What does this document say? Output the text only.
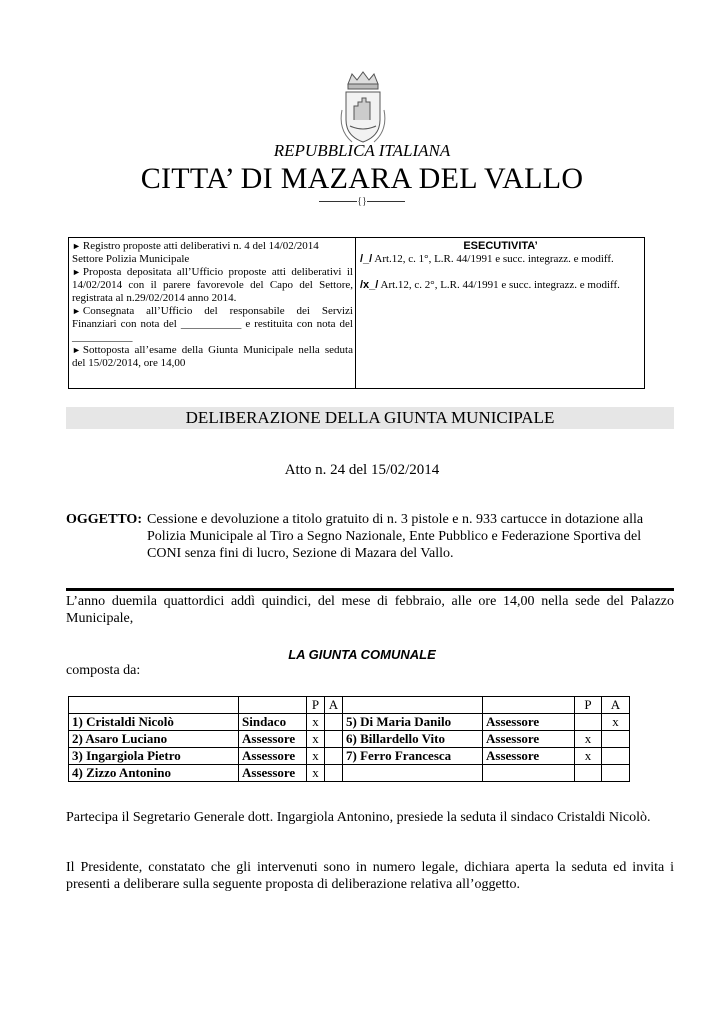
REPUBBLICA ITALIANA
CITTA’ DI MAZARA DEL VALLO
{}
► Registro proposte atti deliberativi n. 4 del 14/02/2014
Settore Polizia Municipale
► Proposta depositata all’Ufficio proposte atti deliberativi il 14/02/2014 con il parere favorevole del Capo del Settore, registrata al n.29/02/2014 anno 2014.
► Consegnata all’Ufficio del responsabile dei Servizi Finanziari con nota del ___________ e restituita con nota del ___________
► Sottoposta all’esame della Giunta Municipale nella seduta del 15/02/2014, ore 14,00
ESECUTIVITA’
/_/ Art.12, c. 1°, L.R. 44/1991 e succ. integrazz. e modiff.
/x_/ Art.12, c. 2°, L.R. 44/1991 e succ. integrazz. e modiff.
DELIBERAZIONE DELLA GIUNTA MUNICIPALE
Atto n. 24 del 15/02/2014
OGGETTO: Cessione e devoluzione a titolo gratuito di n. 3 pistole e n. 933 cartucce in dotazione alla Polizia Municipale al Tiro a Segno Nazionale, Ente Pubblico e Federazione Sportiva del CONI senza fini di lucro, Sezione di Mazara del Vallo.
L’anno duemila quattordici addì quindici, del mese di febbraio, alle ore 14,00 nella sede del Palazzo Municipale,
LA GIUNTA COMUNALE
composta da:
		P	A			P	A
1) Cristaldi Nicolò	Sindaco	x		5) Di Maria Danilo	Assessore		x
2) Asaro Luciano	Assessore	x		6) Billardello Vito	Assessore	x	
3) Ingargiola Pietro	Assessore	x		7) Ferro Francesca	Assessore	x	
4) Zizzo Antonino	Assessore	x					
Partecipa il Segretario Generale dott. Ingargiola Antonino, presiede la seduta il sindaco Cristaldi Nicolò.
Il Presidente, constatato che gli intervenuti sono in numero legale, dichiara aperta la seduta ed invita i presenti a deliberare sulla seguente proposta di deliberazione relativa all’oggetto.
